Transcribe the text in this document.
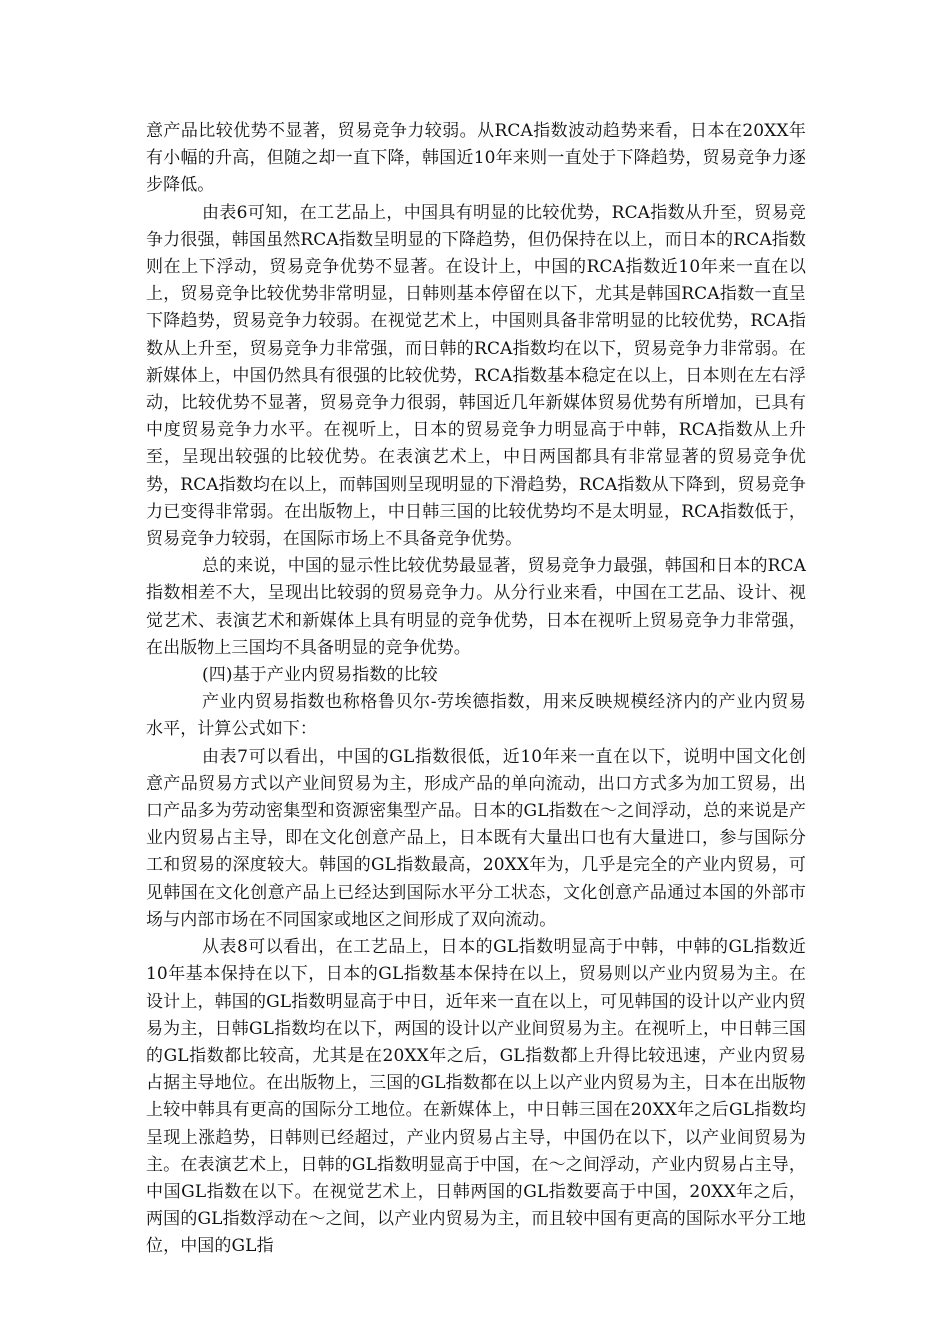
意产品比较优势不显著，贸易竞争力较弱。从RCA指数波动趋势来看，日本在20XX年有小幅的升高，但随之却一直下降，韩国近10年来则一直处于下降趋势，贸易竞争力逐步降低。

由表6可知，在工艺品上，中国具有明显的比较优势，RCA指数从升至，贸易竞争力很强，韩国虽然RCA指数呈明显的下降趋势，但仍保持在以上，而日本的RCA指数则在上下浮动，贸易竞争优势不显著。在设计上，中国的RCA指数近10年来一直在以上，贸易竞争比较优势非常明显，日韩则基本停留在以下，尤其是韩国RCA指数一直呈下降趋势，贸易竞争力较弱。在视觉艺术上，中国则具备非常明显的比较优势，RCA指数从上升至，贸易竞争力非常强，而日韩的RCA指数均在以下，贸易竞争力非常弱。在新媒体上，中国仍然具有很强的比较优势，RCA指数基本稳定在以上，日本则在左右浮动，比较优势不显著，贸易竞争力很弱，韩国近几年新媒体贸易优势有所增加，已具有中度贸易竞争力水平。在视听上，日本的贸易竞争力明显高于中韩，RCA指数从上升至，呈现出较强的比较优势。在表演艺术上，中日两国都具有非常显著的贸易竞争优势，RCA指数均在以上，而韩国则呈现明显的下滑趋势，RCA指数从下降到，贸易竞争力已变得非常弱。在出版物上，中日韩三国的比较优势均不是太明显，RCA指数低于，贸易竞争力较弱，在国际市场上不具备竞争优势。

总的来说，中国的显示性比较优势最显著，贸易竞争力最强，韩国和日本的RCA指数相差不大，呈现出比较弱的贸易竞争力。从分行业来看，中国在工艺品、设计、视觉艺术、表演艺术和新媒体上具有明显的竞争优势，日本在视听上贸易竞争力非常强，在出版物上三国均不具备明显的竞争优势。

(四)基于产业内贸易指数的比较

产业内贸易指数也称格鲁贝尔-劳埃德指数，用来反映规模经济内的产业内贸易水平，计算公式如下：

由表7可以看出，中国的GL指数很低，近10年来一直在以下，说明中国文化创意产品贸易方式以产业间贸易为主，形成产品的单向流动，出口方式多为加工贸易，出口产品多为劳动密集型和资源密集型产品。日本的GL指数在～之间浮动，总的来说是产业内贸易占主导，即在文化创意产品上，日本既有大量出口也有大量进口，参与国际分工和贸易的深度较大。韩国的GL指数最高，20XX年为，几乎是完全的产业内贸易，可见韩国在文化创意产品上已经达到国际水平分工状态，文化创意产品通过本国的外部市场与内部市场在不同国家或地区之间形成了双向流动。

从表8可以看出，在工艺品上，日本的GL指数明显高于中韩，中韩的GL指数近10年基本保持在以下，日本的GL指数基本保持在以上，贸易则以产业内贸易为主。在设计上，韩国的GL指数明显高于中日，近年来一直在以上，可见韩国的设计以产业内贸易为主，日韩GL指数均在以下，两国的设计以产业间贸易为主。在视听上，中日韩三国的GL指数都比较高，尤其是在20XX年之后，GL指数都上升得比较迅速，产业内贸易占据主导地位。在出版物上，三国的GL指数都在以上以产业内贸易为主，日本在出版物上较中韩具有更高的国际分工地位。在新媒体上，中日韩三国在20XX年之后GL指数均呈现上涨趋势，日韩则已经超过，产业内贸易占主导，中国仍在以下，以产业间贸易为主。在表演艺术上，日韩的GL指数明显高于中国，在～之间浮动，产业内贸易占主导，中国GL指数在以下。在视觉艺术上，日韩两国的GL指数要高于中国，20XX年之后，两国的GL指数浮动在～之间，以产业内贸易为主，而且较中国有更高的国际水平分工地位，中国的GL指
